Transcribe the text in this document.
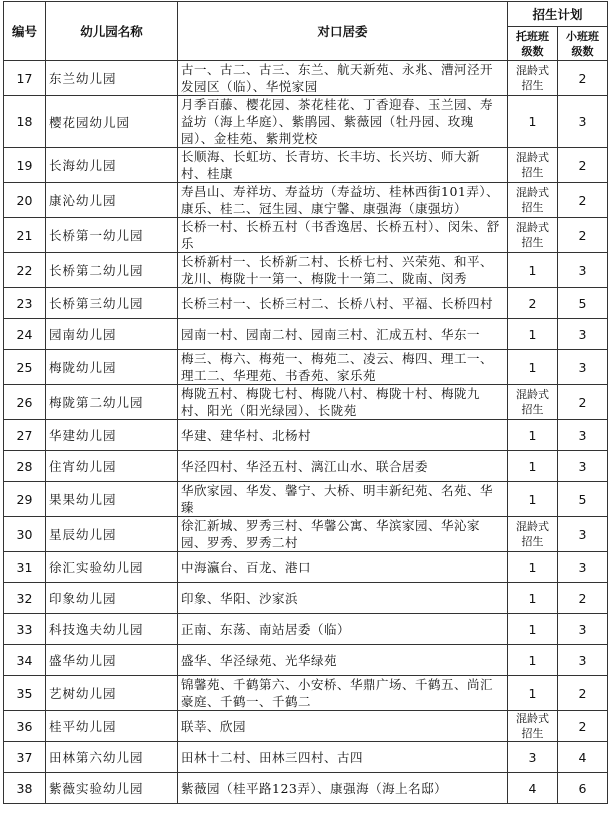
编号	幼儿园名称	对口居委	招生计划	
			托班班级数	小班班级数
17	东兰幼儿园	古一、古二、古三、东兰、航天新苑、永兆、漕河泾开发园区（临）、华悦家园	混龄式招生	2
18	樱花园幼儿园	月季百藤、樱花园、茶花桂花、丁香迎春、玉兰园、寿益坊（海上华庭）、紫鹃园、紫薇园（牡丹园、玫瑰园）、金桂苑、紫荆党校	1	3
19	长海幼儿园	长顺海、长虹坊、长青坊、长丰坊、长兴坊、师大新村、桂康	混龄式招生	2
20	康沁幼儿园	寿昌山、寿祥坊、寿益坊（寿益坊、桂林西街101弄）、康乐、桂二、冠生园、康宁馨、康强海（康强坊）	混龄式招生	2
21	长桥第一幼儿园	长桥一村、长桥五村（书香逸居、长桥五村）、闵朱、舒乐	混龄式招生	2
22	长桥第二幼儿园	长桥新村一、长桥新二村、长桥七村、兴荣苑、和平、龙川、梅陇十一第一、梅陇十一第二、陇南、闵秀	1	3
23	长桥第三幼儿园	长桥三村一、长桥三村二、长桥八村、平福、长桥四村	2	5
24	园南幼儿园	园南一村、园南二村、园南三村、汇成五村、华东一	1	3
25	梅陇幼儿园	梅三、梅六、梅苑一、梅苑二、凌云、梅四、理工一、理工二、华理苑、书香苑、家乐苑	1	3
26	梅陇第二幼儿园	梅陇五村、梅陇七村、梅陇八村、梅陇十村、梅陇九村、阳光（阳光绿园）、长陇苑	混龄式招生	2
27	华建幼儿园	华建、建华村、北杨村	1	3
28	住宵幼儿园	华泾四村、华泾五村、漓江山水、联合居委	1	3
29	果果幼儿园	华欣家园、华发、馨宁、大桥、明丰新纪苑、名苑、华臻	1	5
30	星辰幼儿园	徐汇新城、罗秀三村、华馨公寓、华滨家园、华沁家园、罗秀、罗秀二村	混龄式招生	3
31	徐汇实验幼儿园	中海瀛台、百龙、港口	1	3
32	印象幼儿园	印象、华阳、沙家浜	1	2
33	科技逸夫幼儿园	正南、东荡、南站居委（临）	1	3
34	盛华幼儿园	盛华、华泾绿苑、光华绿苑	1	3
35	艺树幼儿园	锦馨苑、千鹤第六、小安桥、华鼎广场、千鹤五、尚汇豪庭、千鹤一、千鹤二	1	2
36	桂平幼儿园	联莘、欣园	混龄式招生	2
37	田林第六幼儿园	田林十二村、田林三四村、古四	3	4
38	紫薇实验幼儿园	紫薇园（桂平路123弄）、康强海（海上名邸）	4	6
